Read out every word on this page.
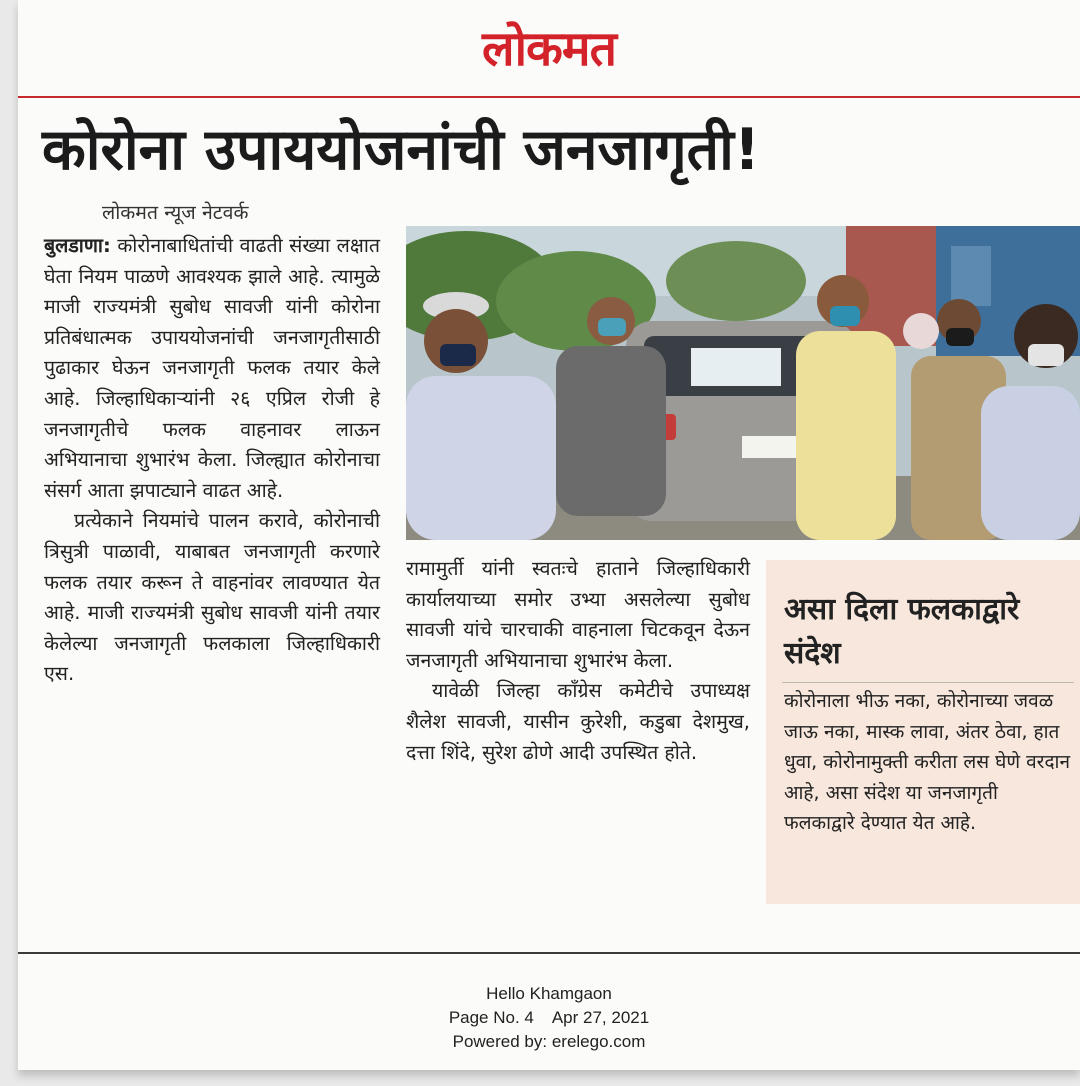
लोकमत
कोरोना उपाययोजनांची जनजागृती!
लोकमत न्यूज नेटवर्क

बुलडाणा: कोरोनाबाधितांची वाढती संख्या लक्षात घेता नियम पाळणे आवश्यक झाले आहे. त्यामुळे माजी राज्यमंत्री सुबोध सावजी यांनी कोरोना प्रतिबंधात्मक उपाययोजनांची जनजागृतीसाठी पुढाकार घेऊन जनजागृती फलक तयार केले आहे. जिल्हाधिकाऱ्यांनी २६ एप्रिल रोजी हे जनजागृतीचे फलक वाहनावर लाऊन अभियानाचा शुभारंभ केला. जिल्ह्यात कोरोनाचा संसर्ग आता झपाट्याने वाढत आहे.

प्रत्येकाने नियमांचे पालन करावे, कोरोनाची त्रिसुत्री पाळावी, याबाबत जनजागृती करणारे फलक तयार करून ते वाहनांवर लावण्यात येत आहे. माजी राज्यमंत्री सुबोध सावजी यांनी तयार केलेल्या जनजागृती फलकाला जिल्हाधिकारी एस.

रामामुर्ती यांनी स्वतःचे हाताने जिल्हाधिकारी कार्यालयाच्या समोर उभ्या असलेल्या सुबोध सावजी यांचे चारचाकी वाहनाला चिटकवून देऊन जनजागृती अभियानाचा शुभारंभ केला.

यावेळी जिल्हा कॉंग्रेस कमेटीचे उपाध्यक्ष शैलेश सावजी, यासीन कुरेशी, कडुबा देशमुख, दत्ता शिंदे, सुरेश ढोणे आदी उपस्थित होते.

असा दिला फलकाद्वारे संदेश
कोरोनाला भीऊ नका, कोरोनाच्या जवळ जाऊ नका, मास्क लावा, अंतर ठेवा, हात धुवा, कोरोनामुक्ती करीता लस घेणे वरदान आहे, असा संदेश या जनजागृती फलकाद्वारे देण्यात येत आहे.
Hello Khamgaon
Page No. 4    Apr 27, 2021
Powered by: erelego.com
